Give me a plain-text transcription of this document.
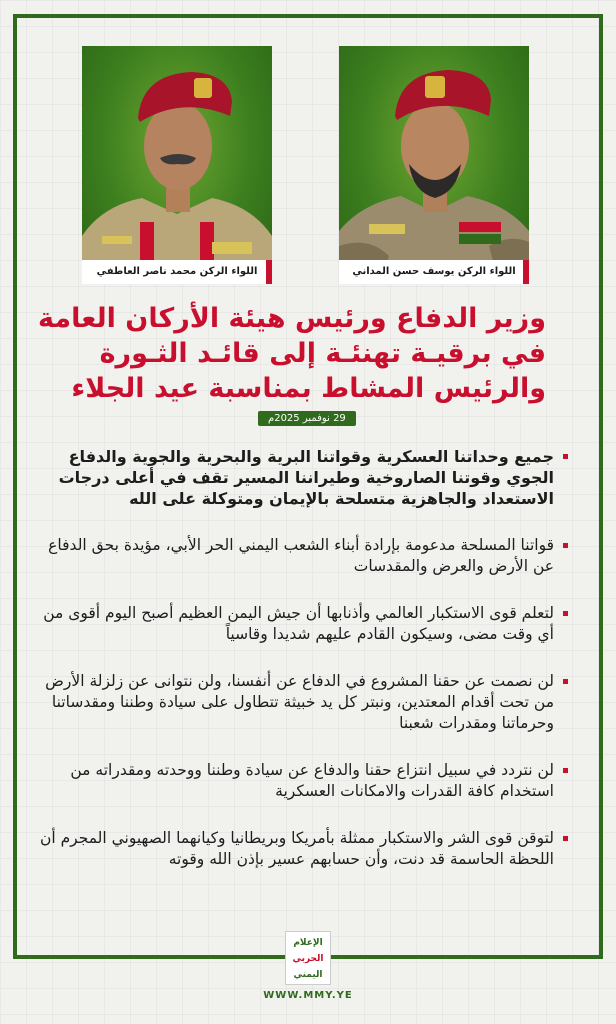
اللواء الركن محمد ناصر العاطفي	اللواء الركن يوسف حسن المداني
وزير الدفاع ورئيس هيئة الأركان العامة
في برقيـة تهنئـة إلى قائـد الثـورة
والرئيس المشاط بمناسبة عيد الجلاء
29 نوفمبر 2025م
جميع وحداتنا العسكرية وقواتنا البرية والبحرية والجوية والدفاع الجوي وقوتنا الصاروخية وطيراننا المسير تقف في أعلى درجات الاستعداد والجاهزية متسلحة بالإيمان ومتوكلة على الله
قواتنا المسلحة مدعومة بإرادة أبناء الشعب اليمني الحر الأبي، مؤيدة بحق الدفاع عن الأرض والعرض والمقدسات
لتعلم قوى الاستكبار العالمي وأذنابها أن جيش اليمن العظيم أصبح اليوم أقوى من أي وقت مضى، وسيكون القادم عليهم شديدا وقاسياً
لن نصمت عن حقنا المشروع في الدفاع عن أنفسنا، ولن نتوانى عن زلزلة الأرض من تحت أقدام المعتدين، ونبتر كل يد خبيثة تتطاول على سيادة وطننا ومقدساتنا وحرماتنا ومقدرات شعبنا
لن نتردد في سبيل انتزاع حقنا والدفاع عن سيادة وطننا ووحدته ومقدراته من استخدام كافة القدرات والامكانات العسكرية
لتوقن قوى الشر والاستكبار ممثلة بأمريكا وبريطانيا وكيانهما الصهيوني المجرم أن اللحظة الحاسمة قد دنت، وأن حسابهم عسير بإذن الله وقوته
الإعلام
الحربي
اليمني
WWW.MMY.YE
